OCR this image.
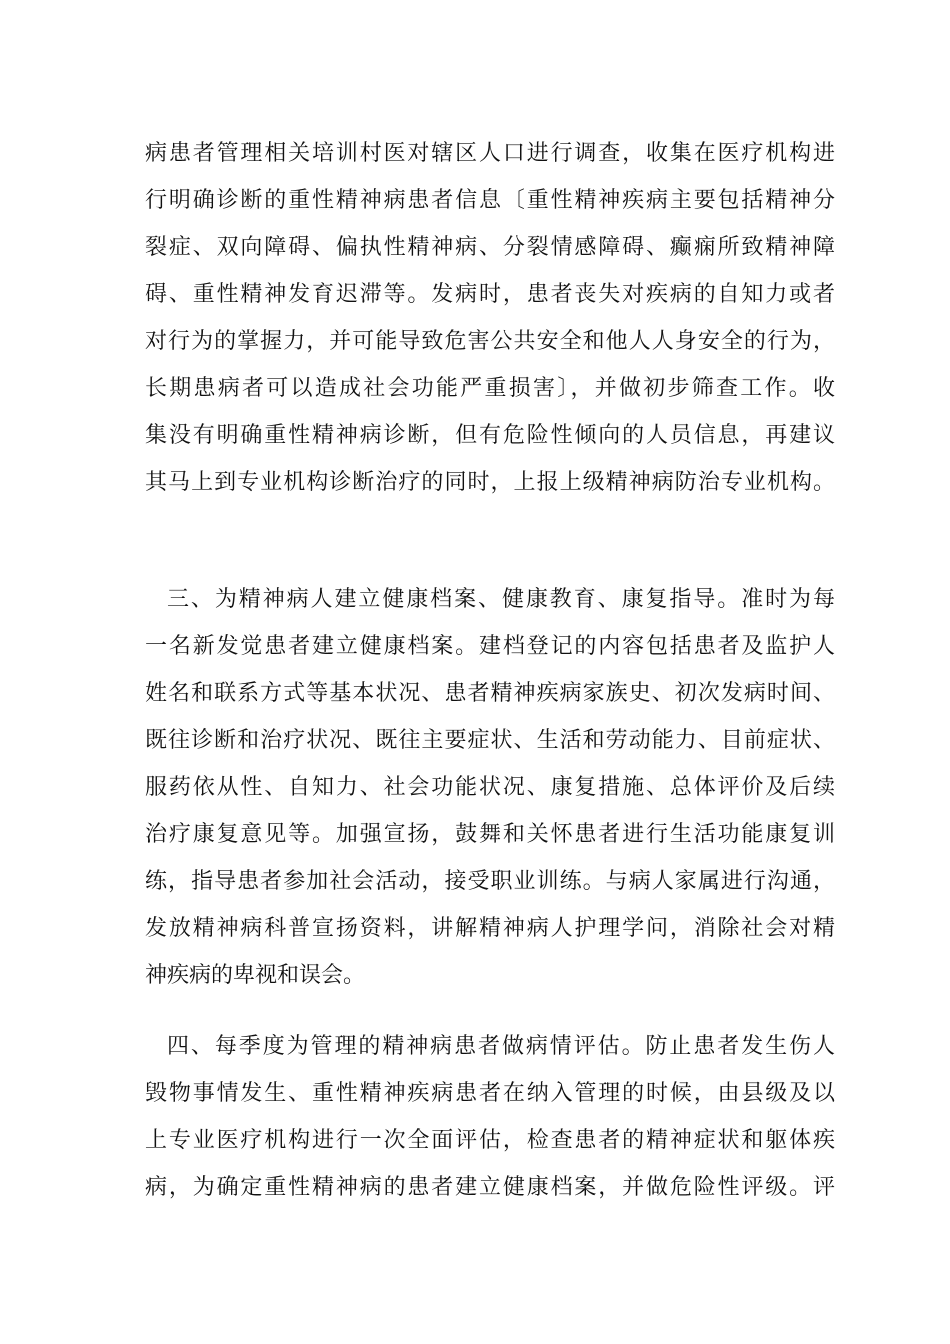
病患者管理相关培训村医对辖区人口进行调查，收集在医疗机构进
行明确诊断的重性精神病患者信息〔重性精神疾病主要包括精神分
裂症、双向障碍、偏执性精神病、分裂情感障碍、癫痫所致精神障
碍、重性精神发育迟滞等。发病时，患者丧失对疾病的自知力或者
对行为的掌握力，并可能导致危害公共安全和他人人身安全的行为，
长期患病者可以造成社会功能严重损害〕，并做初步筛查工作。收
集没有明确重性精神病诊断，但有危险性倾向的人员信息，再建议
其马上到专业机构诊断治疗的同时，上报上级精神病防治专业机构。
三、为精神病人建立健康档案、健康教育、康复指导。准时为每
一名新发觉患者建立健康档案。建档登记的内容包括患者及监护人
姓名和联系方式等基本状况、患者精神疾病家族史、初次发病时间、
既往诊断和治疗状况、既往主要症状、生活和劳动能力、目前症状、
服药依从性、自知力、社会功能状况、康复措施、总体评价及后续
治疗康复意见等。加强宣扬，鼓舞和关怀患者进行生活功能康复训
练，指导患者参加社会活动，接受职业训练。与病人家属进行沟通，
发放精神病科普宣扬资料，讲解精神病人护理学问，消除社会对精
神疾病的卑视和误会。
四、每季度为管理的精神病患者做病情评估。防止患者发生伤人
毁物事情发生、重性精神疾病患者在纳入管理的时候，由县级及以
上专业医疗机构进行一次全面评估，检查患者的精神症状和躯体疾
病，为确定重性精神病的患者建立健康档案，并做危险性评级。评
